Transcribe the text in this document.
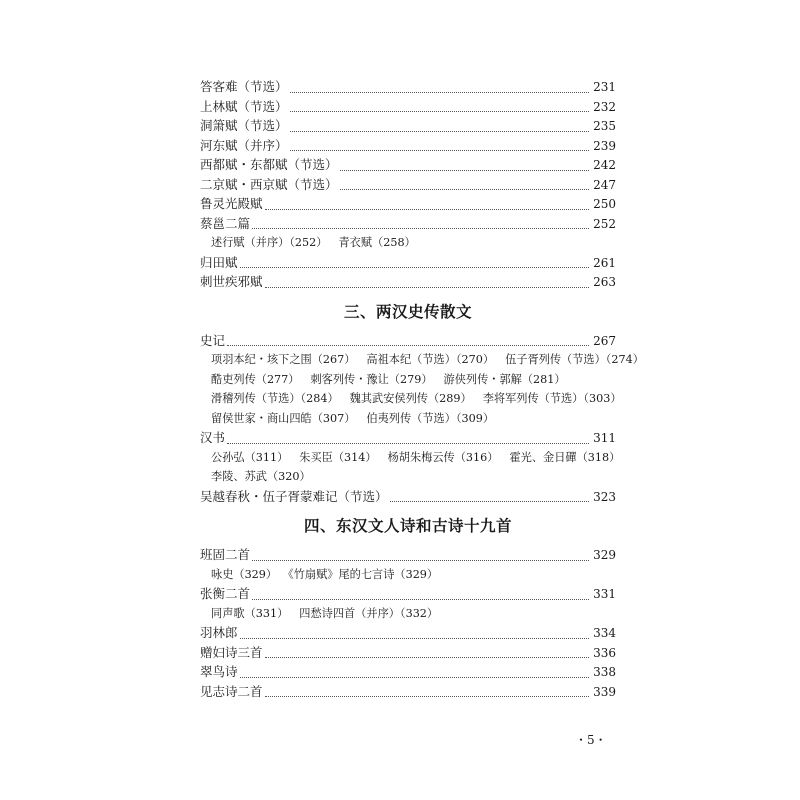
答客难（节选）	231
上林赋（节选）	232
洞箫赋（节选）	235
河东赋（并序）	239
西都赋・东都赋（节选）	242
二京赋・西京赋（节选）	247
鲁灵光殿赋	250
蔡邕二篇	252
述行赋（并序）（252） 青衣赋（258）
归田赋	261
刺世疾邪赋	263
三、两汉史传散文
史记	267
项羽本纪・垓下之围（267） 高祖本纪（节选）（270） 伍子胥列传（节选）（274）
酷吏列传（277） 刺客列传・豫让（279） 游侠列传・郭解（281）
滑稽列传（节选）（284） 魏其武安侯列传（289） 李将军列传（节选）（303）
留侯世家・商山四皓（307） 伯夷列传（节选）（309）
汉书	311
公孙弘（311） 朱买臣（314） 杨胡朱梅云传（316） 霍光、金日磾（318）
李陵、苏武（320）
吴越春秋・伍子胥蒙难记（节选）	323
四、东汉文人诗和古诗十九首
班固二首	329
咏史（329） 《竹扇赋》尾的七言诗（329）
张衡二首	331
同声歌（331） 四愁诗四首（并序）（332）
羽林郎	334
赠妇诗三首	336
翠鸟诗	338
见志诗二首	339
・5・
